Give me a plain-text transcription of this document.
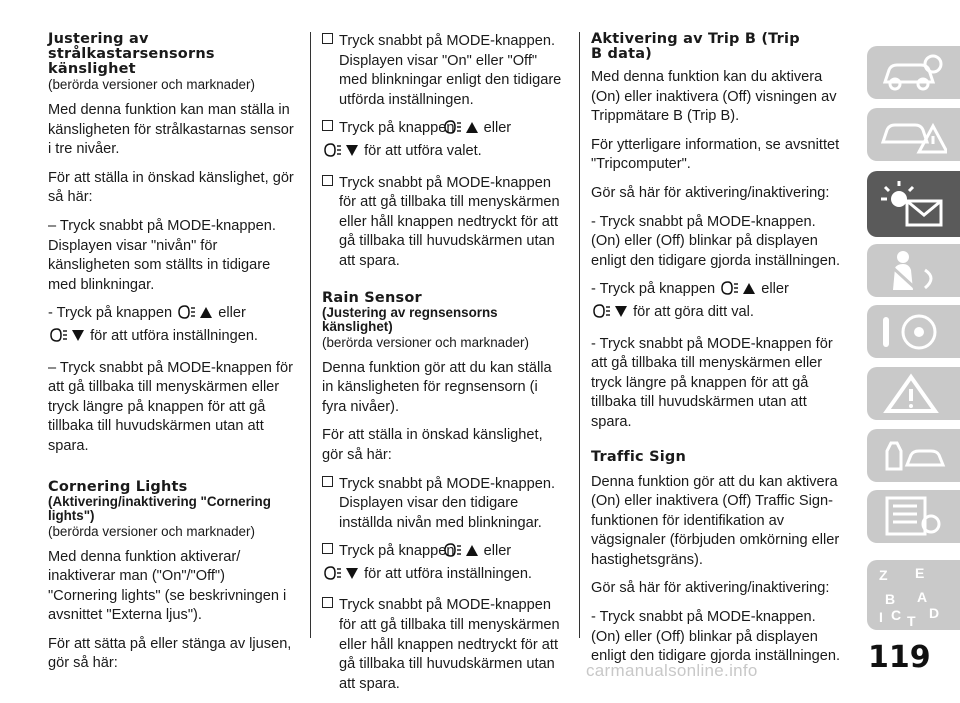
Justering av
strålkastarsensorns
känslighet
(berörda versioner och marknader)

Med denna funktion kan man ställa in känsligheten för strålkastarnas sensor i tre nivåer.

För att ställa in önskad känslighet, gör så här:

– Tryck snabbt på MODE-knappen. Displayen visar "nivån" för känsligheten som ställts in tidigare med blinkningar.

- Tryck på knappen	eller
för att utföra inställningen.

– Tryck snabbt på MODE-knappen för att gå tillbaka till menyskärmen eller tryck längre på knappen för att gå tillbaka till huvudskärmen utan att spara.

Cornering Lights
(Aktivering/inaktivering "Cornering lights")
(berörda versioner och marknader)

Med denna funktion aktiverar/ inaktiverar man ("On"/"Off") "Cornering lights" (se beskrivningen i avsnittet "Externa ljus").

För att sätta på eller stänga av ljusen, gör så här:

Tryck snabbt på MODE-knappen. Displayen visar "On" eller "Off" med blinkningar enligt den tidigare utförda inställningen.

Tryck på knappen eller
för att utföra valet.

Tryck snabbt på MODE-knappen för att gå tillbaka till menyskärmen eller håll knappen nedtryckt för att gå tillbaka till huvudskärmen utan att spara.

Rain Sensor
(Justering av regnsensorns känslighet)
(berörda versioner och marknader)

Denna funktion gör att du kan ställa in känsligheten för regnsensorn (i fyra nivåer).

För att ställa in önskad känslighet, gör så här:

Tryck snabbt på MODE-knappen. Displayen visar den tidigare inställda nivån med blinkningar.

Tryck på knappen eller
för att utföra inställningen.

Tryck snabbt på MODE-knappen för att gå tillbaka till menyskärmen eller håll knappen nedtryckt för att gå tillbaka till huvudskärmen utan att spara.

Aktivering av Trip B (Trip
B data)

Med denna funktion kan du aktivera (On) eller inaktivera (Off) visningen av Trippmätare B (Trip B).

För ytterligare information, se avsnittet "Tripcomputer".

Gör så här för aktivering/inaktivering:

- Tryck snabbt på MODE-knappen. (On) eller (Off) blinkar på displayen enligt den tidigare gjorda inställningen.

- Tryck på knappen	eller
för att göra ditt val.

- Tryck snabbt på MODE-knappen för att gå tillbaka till menyskärmen eller tryck längre på knappen för att gå tillbaka till huvudskärmen utan att spara.

Traffic Sign

Denna funktion gör att du kan aktivera (On) eller inaktivera (Off) Traffic Sign-funktionen för identifikation av vägsignaler (förbjuden omkörning eller hastighetsgräns).

Gör så här för aktivering/inaktivering:

- Tryck snabbt på MODE-knappen. (On) eller (Off) blinkar på displayen enligt den tidigare gjorda inställningen.

Z E
B A
I C T D
119
carmanualsonline.info
